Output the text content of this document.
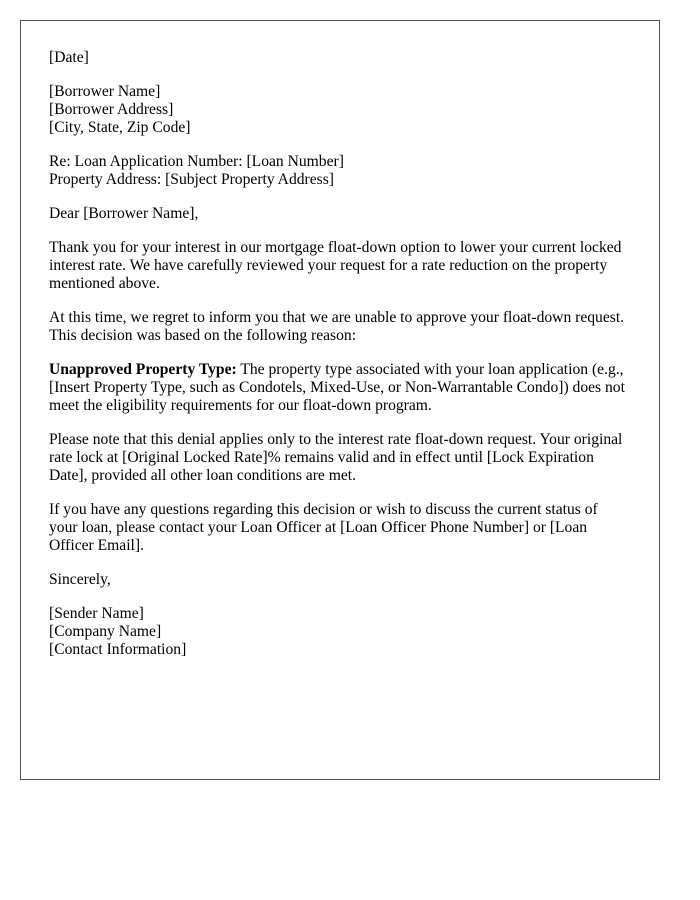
[Date]
[Borrower Name]
[Borrower Address]
[City, State, Zip Code]
Re: Loan Application Number: [Loan Number]
Property Address: [Subject Property Address]
Dear [Borrower Name],

Thank you for your interest in our mortgage float-down option to lower your current locked interest rate. We have carefully reviewed your request for a rate reduction on the property mentioned above.

At this time, we regret to inform you that we are unable to approve your float-down request. This decision was based on the following reason:

Unapproved Property Type: The property type associated with your loan application (e.g., [Insert Property Type, such as Condotels, Mixed-Use, or Non-Warrantable Condo]) does not meet the eligibility requirements for our float-down program.

Please note that this denial applies only to the interest rate float-down request. Your original rate lock at [Original Locked Rate]% remains valid and in effect until [Lock Expiration Date], provided all other loan conditions are met.

If you have any questions regarding this decision or wish to discuss the current status of your loan, please contact your Loan Officer at [Loan Officer Phone Number] or [Loan Officer Email].

Sincerely,
[Sender Name]
[Company Name]
[Contact Information]
